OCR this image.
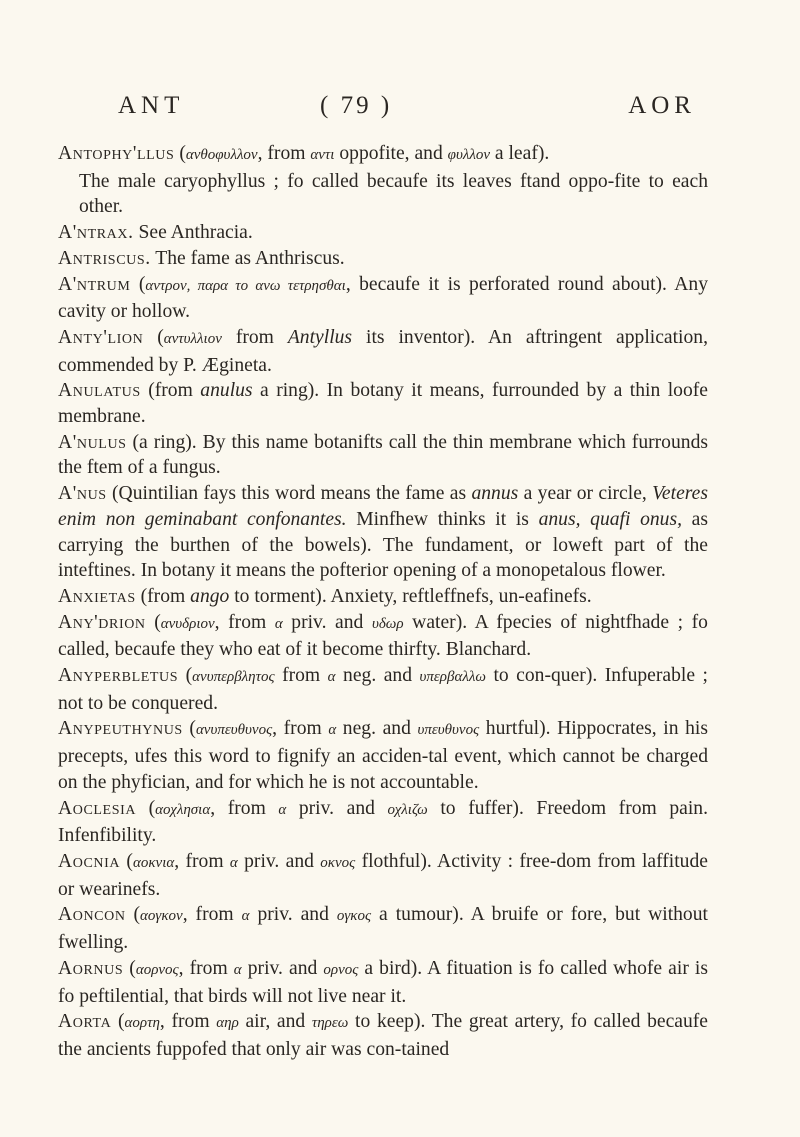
ANT	( 79 )	AOR

Antophy'llus (ανθοφυλλον, from αντι oppofite, and φυλλον a leaf).
The male caryophyllus ; fo called becaufe its leaves ftand oppo-fite to each other.

A'ntrax. See Anthracia.

Antriscus. The fame as Anthriscus.

A'ntrum (αντρον, παρα το ανω τετρησθαι, becaufe it is perforated round about). Any cavity or hollow.

Anty'lion (αντυλλιον from Antyllus its inventor). An aftringent application, commended by P. Ægineta.

Anulatus (from anulus a ring). In botany it means, furrounded by a thin loofe membrane.

A'nulus (a ring). By this name botanifts call the thin membrane which furrounds the ftem of a fungus.

A'nus (Quintilian fays this word means the fame as annus a year or circle, Veteres enim non geminabant confonantes. Minfhew thinks it is anus, quafi onus, as carrying the burthen of the bowels). The fundament, or loweft part of the inteftines. In botany it means the pofterior opening of a monopetalous flower.

Anxietas (from ango to torment). Anxiety, reftleffnefs, un-eafinefs.

Any'drion (ανυδριον, from α priv. and υδωρ water). A fpecies of nightfhade ; fo called, becaufe they who eat of it become thirfty. Blanchard.

Anyperbletus (ανυπερβλητος from α neg. and υπερβαλλω to con-quer). Infuperable ; not to be conquered.

Anypeuthynus (ανυπευθυνος, from α neg. and υπευθυνος hurtful). Hippocrates, in his precepts, ufes this word to fignify an acciden-tal event, which cannot be charged on the phyfician, and for which he is not accountable.

Aoclesia (αοχλησια, from α priv. and οχλιζω to fuffer). Freedom from pain. Infenfibility.

Aocnia (αοκνια, from α priv. and οκνος flothful). Activity : free-dom from laffitude or wearinefs.

Aoncon (αογκον, from α priv. and ογκος a tumour). A bruife or fore, but without fwelling.

Aornus (αορνος, from α priv. and ορνος a bird). A fituation is fo called whofe air is fo peftilential, that birds will not live near it.

Aorta (αορτη, from αηρ air, and τηρεω to keep). The great artery, fo called becaufe the ancients fuppofed that only air was con-tained
